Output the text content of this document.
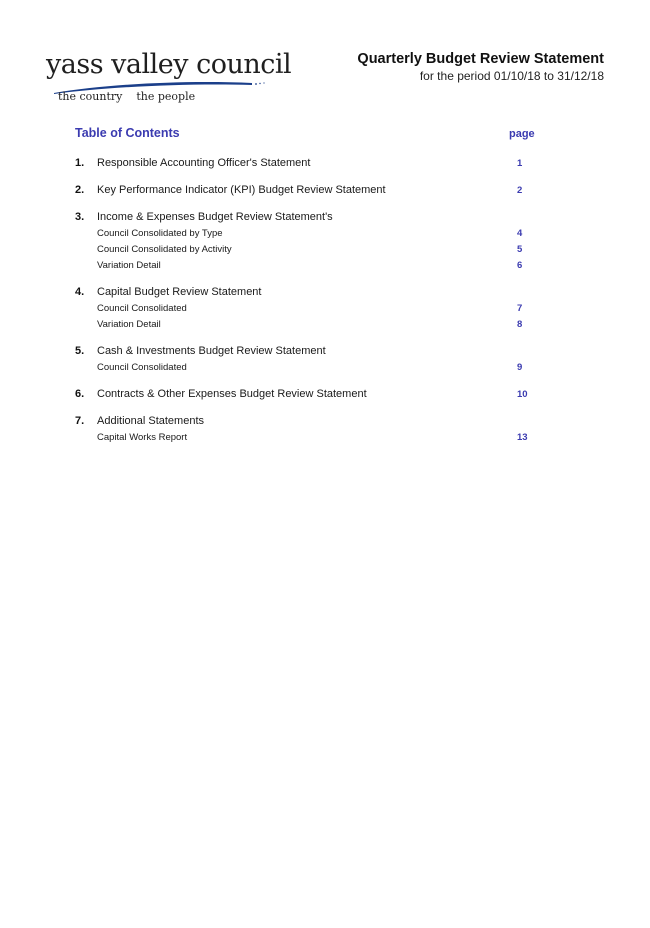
yass valley council
the country the people
Quarterly Budget Review Statement
for the period 01/10/18 to 31/12/18
Table of Contents	page
1. Responsible Accounting Officer's Statement	1
2. Key Performance Indicator (KPI) Budget Review Statement	2
3. Income & Expenses Budget Review Statement's
Council Consolidated by Type	4
Council Consolidated by Activity	5
Variation Detail	6
4. Capital Budget Review Statement
Council Consolidated	7
Variation Detail	8
5. Cash & Investments Budget Review Statement
Council Consolidated	9
6. Contracts & Other Expenses Budget Review Statement	10
7. Additional Statements
Capital Works Report	13
